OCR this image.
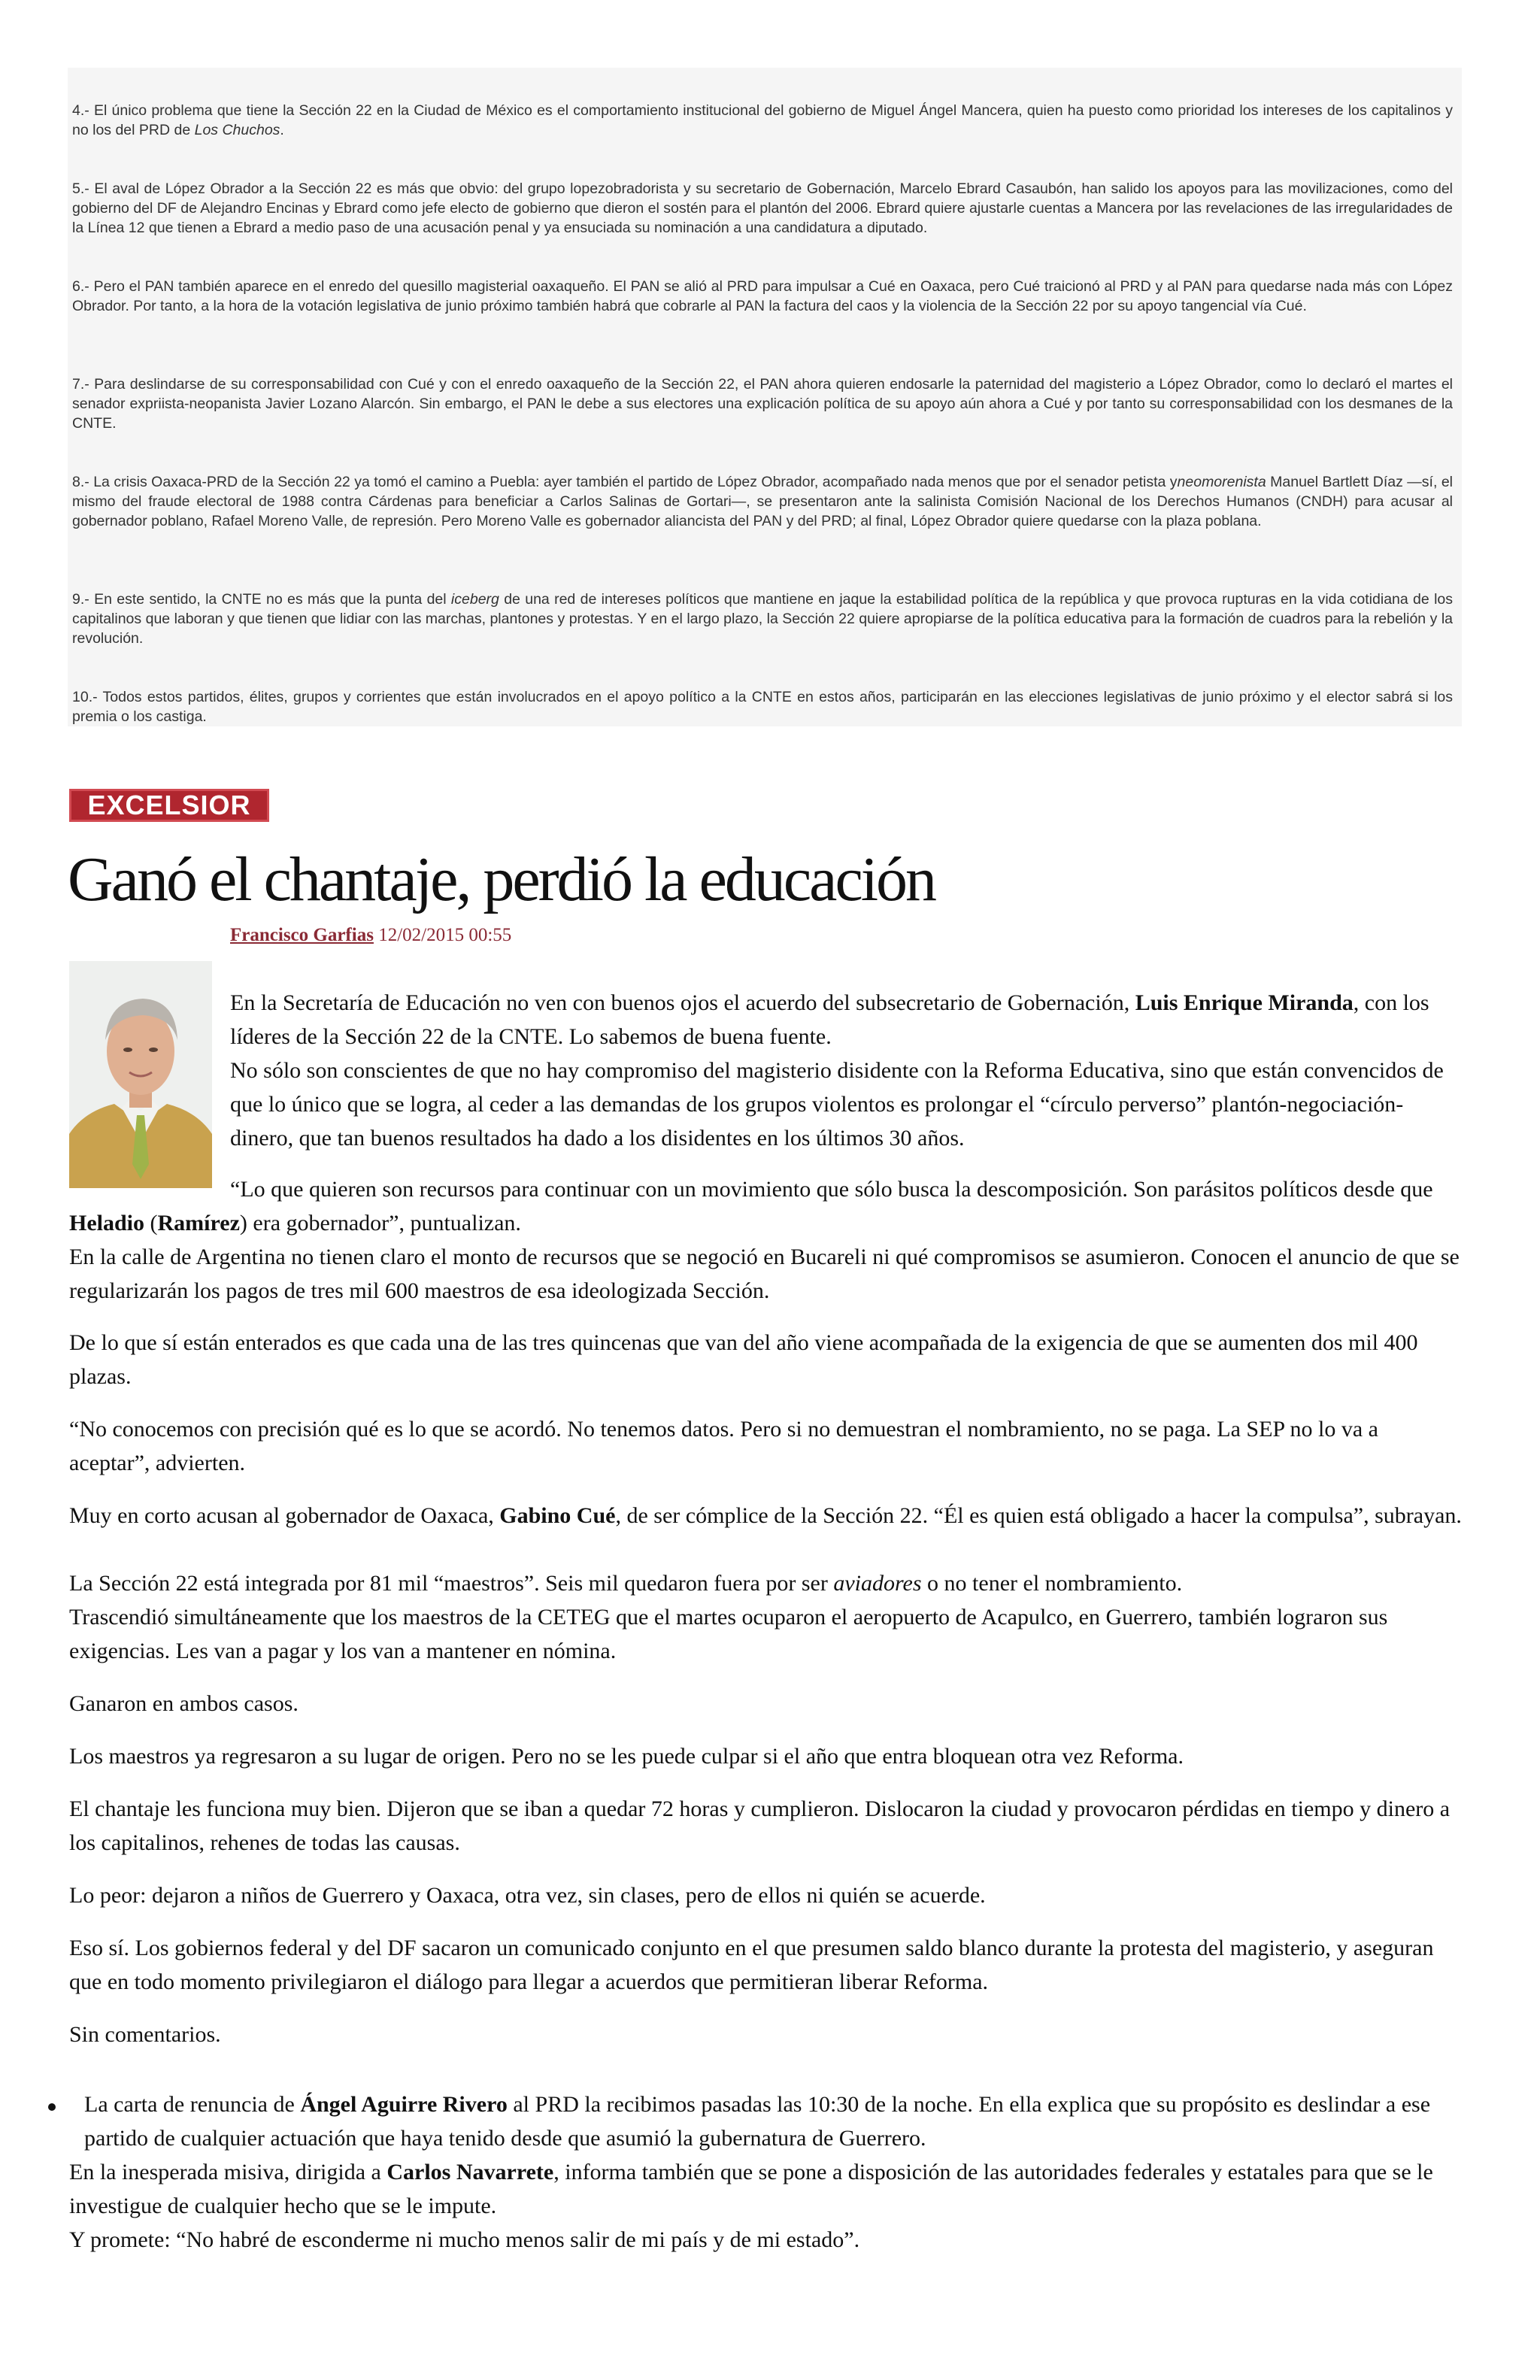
4.- El único problema que tiene la Sección 22 en la Ciudad de México es el comportamiento institucional del gobierno de Miguel Ángel Mancera, quien ha puesto como prioridad los intereses de los capitalinos y no los del PRD de Los Chuchos.

5.- El aval de López Obrador a la Sección 22 es más que obvio: del grupo lopezobradorista y su secretario de Gobernación, Marcelo Ebrard Casaubón, han salido los apoyos para las movilizaciones, como del gobierno del DF de Alejandro Encinas y Ebrard como jefe electo de gobierno que dieron el sostén para el plantón del 2006. Ebrard quiere ajustarle cuentas a Mancera por las revelaciones de las irregularidades de la Línea 12 que tienen a Ebrard a medio paso de una acusación penal y ya ensuciada su nominación a una candidatura a diputado.

6.- Pero el PAN también aparece en el enredo del quesillo magisterial oaxaqueño. El PAN se alió al PRD para impulsar a Cué en Oaxaca, pero Cué traicionó al PRD y al PAN para quedarse nada más con López Obrador. Por tanto, a la hora de la votación legislativa de junio próximo también habrá que cobrarle al PAN la factura del caos y la violencia de la Sección 22 por su apoyo tangencial vía Cué.

7.- Para deslindarse de su corresponsabilidad con Cué y con el enredo oaxaqueño de la Sección 22, el PAN ahora quieren endosarle la paternidad del magisterio a López Obrador, como lo declaró el martes el senador expriista-neopanista Javier Lozano Alarcón. Sin embargo, el PAN le debe a sus electores una explicación política de su apoyo aún ahora a Cué y por tanto su corresponsabilidad con los desmanes de la CNTE.

8.- La crisis Oaxaca-PRD de la Sección 22 ya tomó el camino a Puebla: ayer también el partido de López Obrador, acompañado nada menos que por el senador petista yneomorenista Manuel Bartlett Díaz —sí, el mismo del fraude electoral de 1988 contra Cárdenas para beneficiar a Carlos Salinas de Gortari—, se presentaron ante la salinista Comisión Nacional de los Derechos Humanos (CNDH) para acusar al gobernador poblano, Rafael Moreno Valle, de represión. Pero Moreno Valle es gobernador aliancista del PAN y del PRD; al final, López Obrador quiere quedarse con la plaza poblana.

9.- En este sentido, la CNTE no es más que la punta del iceberg de una red de intereses políticos que mantiene en jaque la estabilidad política de la república y que provoca rupturas en la vida cotidiana de los capitalinos que laboran y que tienen que lidiar con las marchas, plantones y protestas. Y en el largo plazo, la Sección 22 quiere apropiarse de la política educativa para la formación de cuadros para la rebelión y la revolución.

10.- Todos estos partidos, élites, grupos y corrientes que están involucrados en el apoyo político a la CNTE en estos años, participarán en las elecciones legislativas de junio próximo y el elector sabrá si los premia o los castiga.

EXCELSIOR
Ganó el chantaje, perdió la educación
Francisco Garfias 12/02/2015 00:55

En la Secretaría de Educación no ven con buenos ojos el acuerdo del subsecretario de Gobernación, Luis Enrique Miranda, con los líderes de la Sección 22 de la CNTE. Lo sabemos de buena fuente.

No sólo son conscientes de que no hay compromiso del magisterio disidente con la Reforma Educativa, sino que están convencidos de que lo único que se logra, al ceder a las demandas de los grupos violentos es prolongar el “círculo perverso” plantón-negociación-dinero, que tan buenos resultados ha dado a los disidentes en los últimos 30 años.

“Lo que quieren son recursos para continuar con un movimiento que sólo busca la descomposición. Son parásitos políticos desde que Heladio (Ramírez) era gobernador”, puntualizan.

En la calle de Argentina no tienen claro el monto de recursos que se negoció en Bucareli ni qué compromisos se asumieron. Conocen el anuncio de que se regularizarán los pagos de tres mil 600 maestros de esa ideologizada Sección.

De lo que sí están enterados es que cada una de las tres quincenas que van del año viene acompañada de la exigencia de que se aumenten dos mil 400 plazas.

“No conocemos con precisión qué es lo que se acordó. No tenemos datos. Pero si no demuestran el nombramiento, no se paga. La SEP no lo va a aceptar”, advierten.

Muy en corto acusan al gobernador de Oaxaca, Gabino Cué, de ser cómplice de la Sección 22. “Él es quien está obligado a hacer la compulsa”, subrayan.

La Sección 22 está integrada por 81 mil “maestros”. Seis mil quedaron fuera por ser aviadores o no tener el nombramiento.

Trascendió simultáneamente que los maestros de la CETEG que el martes ocuparon el aeropuerto de Acapulco, en Guerrero, también lograron sus exigencias. Les van a pagar y los van a mantener en nómina.

Ganaron en ambos casos.

Los maestros ya regresaron a su lugar de origen. Pero no se les puede culpar si el año que entra bloquean otra vez Reforma.

El chantaje les funciona muy bien. Dijeron que se iban a quedar 72 horas y cumplieron. Dislocaron la ciudad y provocaron pérdidas en tiempo y dinero a los capitalinos, rehenes de todas las causas.

Lo peor: dejaron a niños de Guerrero y Oaxaca, otra vez, sin clases, pero de ellos ni quién se acuerde.

Eso sí. Los gobiernos federal y del DF sacaron un comunicado conjunto en el que presumen saldo blanco durante la protesta del magisterio, y aseguran que en todo momento privilegiaron el diálogo para llegar a acuerdos que permitieran liberar Reforma.

Sin comentarios.

La carta de renuncia de Ángel Aguirre Rivero al PRD la recibimos pasadas las 10:30 de la noche. En ella explica que su propósito es deslindar a ese partido de cualquier actuación que haya tenido desde que asumió la gubernatura de Guerrero.

En la inesperada misiva, dirigida a Carlos Navarrete, informa también que se pone a disposición de las autoridades federales y estatales para que se le investigue de cualquier hecho que se le impute.

Y promete: “No habré de esconderme ni mucho menos salir de mi país y de mi estado”.
